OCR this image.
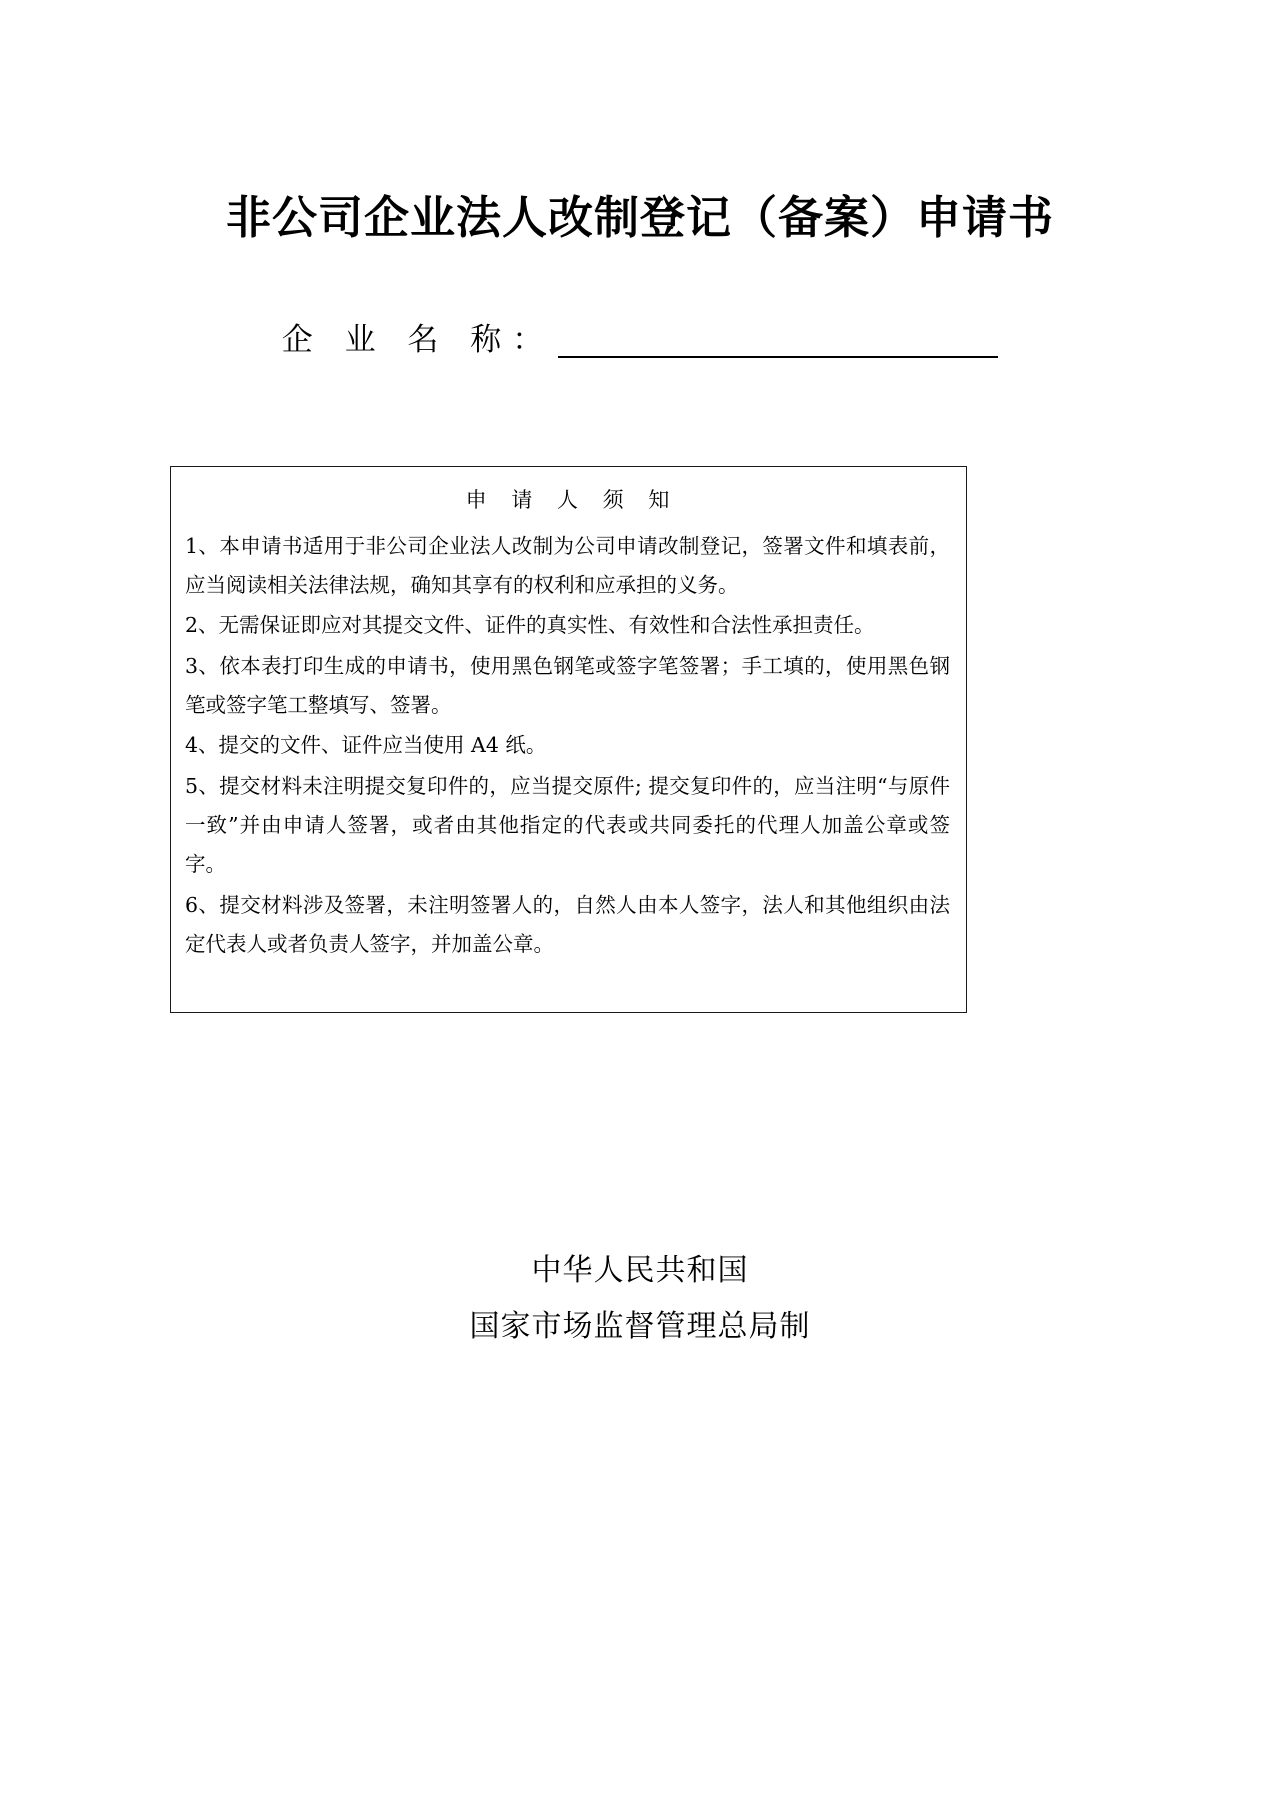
非公司企业法人改制登记（备案）申请书
企 业 名 称：
申 请 人 须 知
1、本申请书适用于非公司企业法人改制为公司申请改制登记，签署文件和填表前，应当阅读相关法律法规，确知其享有的权利和应承担的义务。
2、无需保证即应对其提交文件、证件的真实性、有效性和合法性承担责任。
3、依本表打印生成的申请书，使用黑色钢笔或签字笔签署；手工填的，使用黑色钢笔或签字笔工整填写、签署。
4、提交的文件、证件应当使用 A4 纸。
5、提交材料未注明提交复印件的，应当提交原件; 提交复印件的，应当注明“与原件一致”并由申请人签署，或者由其他指定的代表或共同委托的代理人加盖公章或签字。
6、提交材料涉及签署，未注明签署人的，自然人由本人签字，法人和其他组织由法定代表人或者负责人签字，并加盖公章。
中华人民共和国
国家市场监督管理总局制
